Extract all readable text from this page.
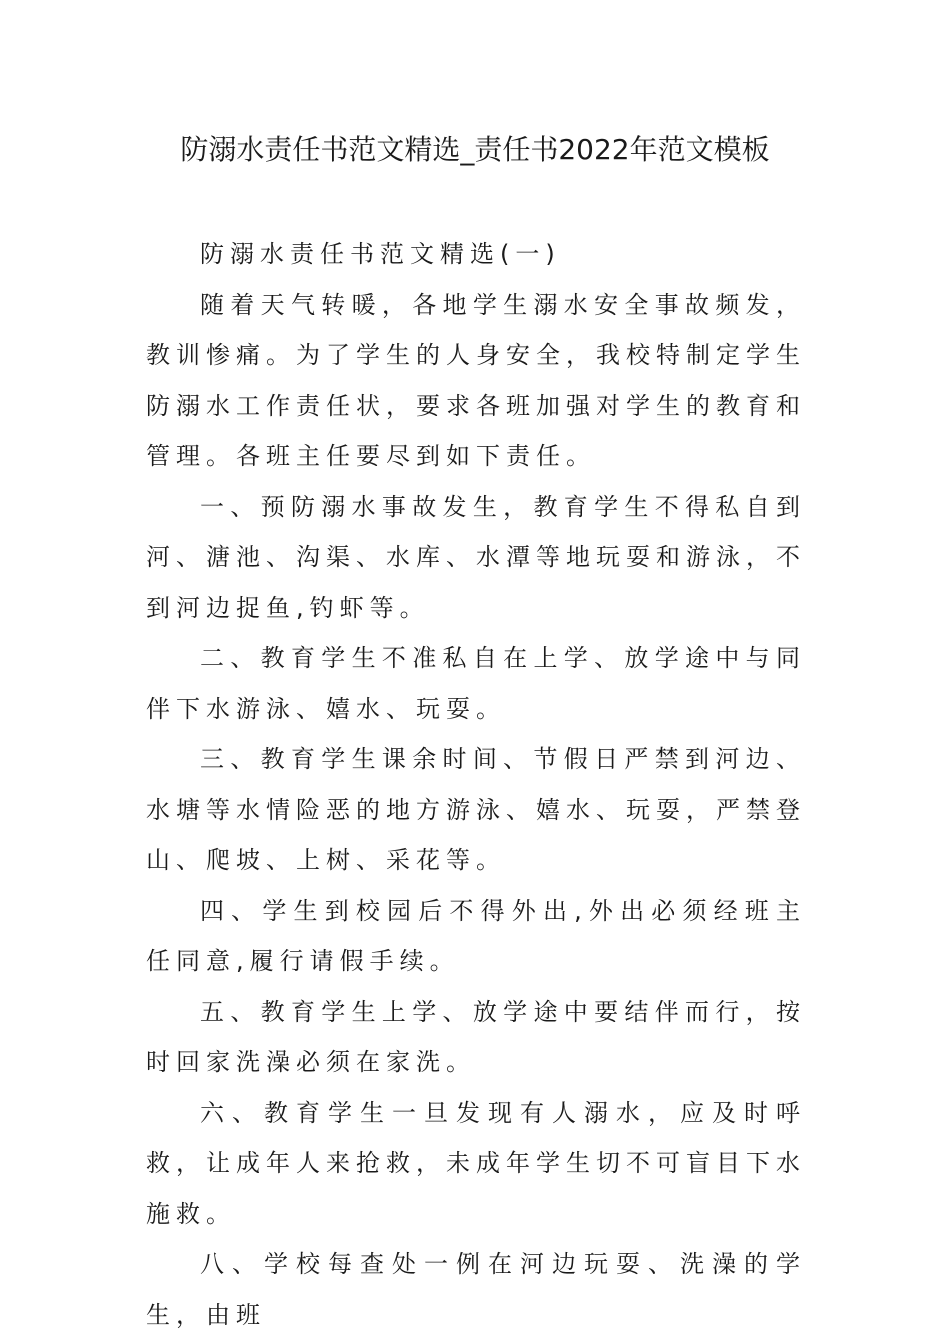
防溺水责任书范文精选_责任书2022年范文模板

防溺水责任书范文精选(一)

随着天气转暖，各地学生溺水安全事故频发，教训惨痛。为了学生的人身安全，我校特制定学生防溺水工作责任状，要求各班加强对学生的教育和管理。各班主任要尽到如下责任。

一、预防溺水事故发生，教育学生不得私自到河、溏池、沟渠、水库、水潭等地玩耍和游泳，不到河边捉鱼,钓虾等。

二、教育学生不准私自在上学、放学途中与同伴下水游泳、嬉水、玩耍。

三、教育学生课余时间、节假日严禁到河边、水塘等水情险恶的地方游泳、嬉水、玩耍，严禁登山、爬坡、上树、采花等。

四、学生到校园后不得外出,外出必须经班主任同意,履行请假手续。

五、教育学生上学、放学途中要结伴而行，按时回家洗澡必须在家洗。

六、教育学生一旦发现有人溺水，应及时呼救，让成年人来抢救，未成年学生切不可盲目下水施救。

八、学校每查处一例在河边玩耍、洗澡的学生，由班
